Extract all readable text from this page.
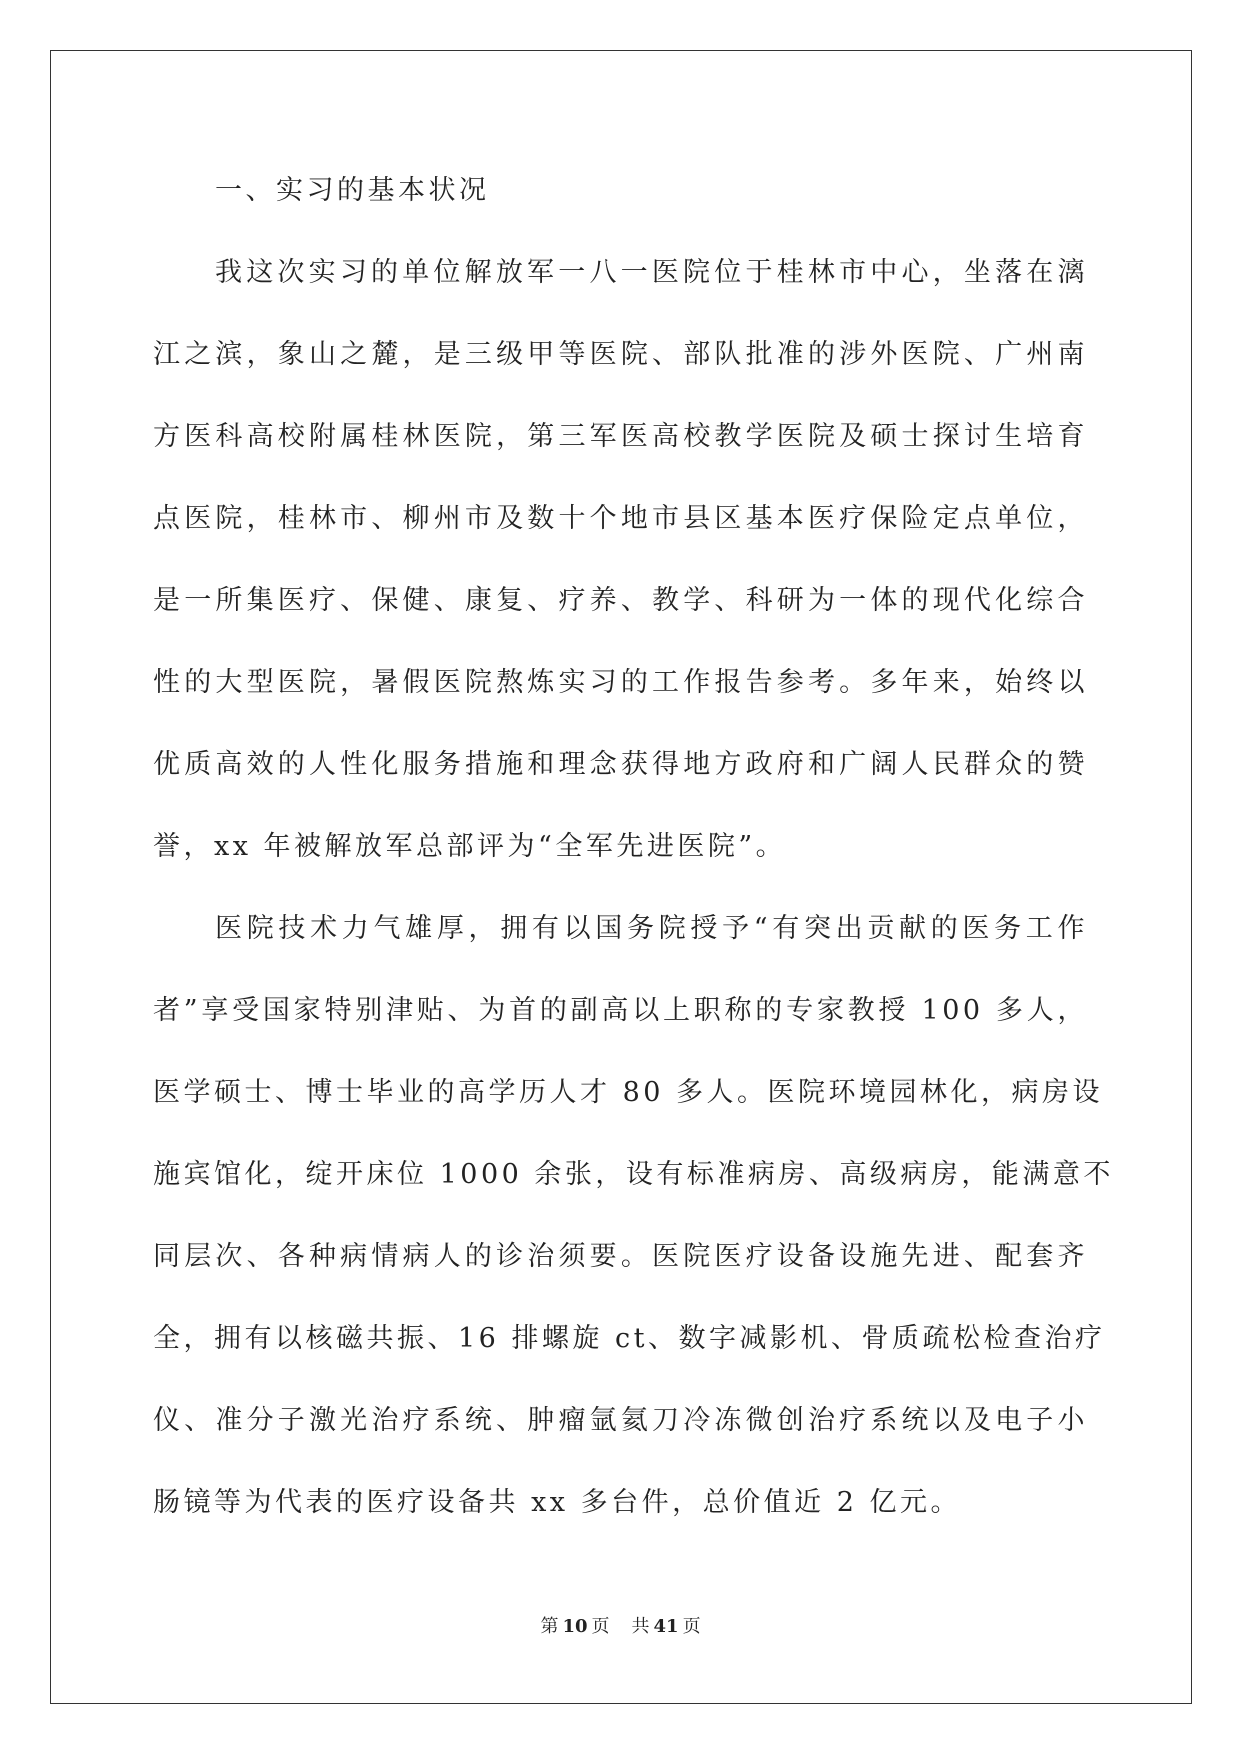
一、实习的基本状况
我这次实习的单位解放军一八一医院位于桂林市中心，坐落在漓
江之滨，象山之麓，是三级甲等医院、部队批准的涉外医院、广州南
方医科高校附属桂林医院，第三军医高校教学医院及硕士探讨生培育
点医院，桂林市、柳州市及数十个地市县区基本医疗保险定点单位，
是一所集医疗、保健、康复、疗养、教学、科研为一体的现代化综合
性的大型医院，暑假医院熬炼实习的工作报告参考。多年来，始终以
优质高效的人性化服务措施和理念获得地方政府和广阔人民群众的赞
誉，xx 年被解放军总部评为“全军先进医院”。
医院技术力气雄厚，拥有以国务院授予“有突出贡献的医务工作
者”享受国家特别津贴、为首的副高以上职称的专家教授 100 多人，
医学硕士、博士毕业的高学历人才 80 多人。医院环境园林化，病房设
施宾馆化，绽开床位 1000 余张，设有标准病房、高级病房，能满意不
同层次、各种病情病人的诊治须要。医院医疗设备设施先进、配套齐
全，拥有以核磁共振、16 排螺旋 ct、数字减影机、骨质疏松检查治疗
仪、准分子激光治疗系统、肿瘤氩氦刀冷冻微创治疗系统以及电子小
肠镜等为代表的医疗设备共 xx 多台件，总价值近 2 亿元。
第 10 页 共 41 页
